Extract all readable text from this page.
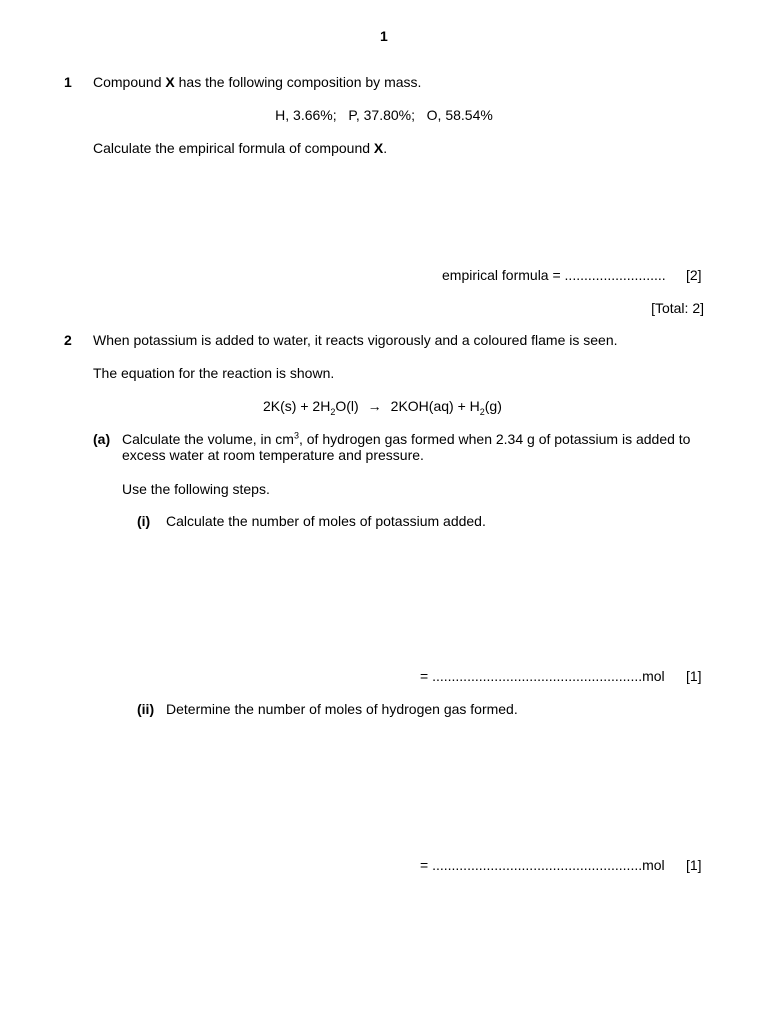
1
1 Compound X has the following composition by mass.
H, 3.66%;   P, 37.80%;   O, 58.54%
Calculate the empirical formula of compound X.
empirical formula = .......................... [2]
[Total: 2]
2 When potassium is added to water, it reacts vigorously and a coloured flame is seen.
The equation for the reaction is shown.
$2K(s) + 2H_2O(l) \to 2KOH(aq) + H_2(g)$
(a) Calculate the volume, in $cm^3$, of hydrogen gas formed when 2.34 g of potassium is added to
excess water at room temperature and pressure.
Use the following steps.
(i) Calculate the number of moles of potassium added.
= ......................................................mol [1]
(ii) Determine the number of moles of hydrogen gas formed.
= ......................................................mol [1]
